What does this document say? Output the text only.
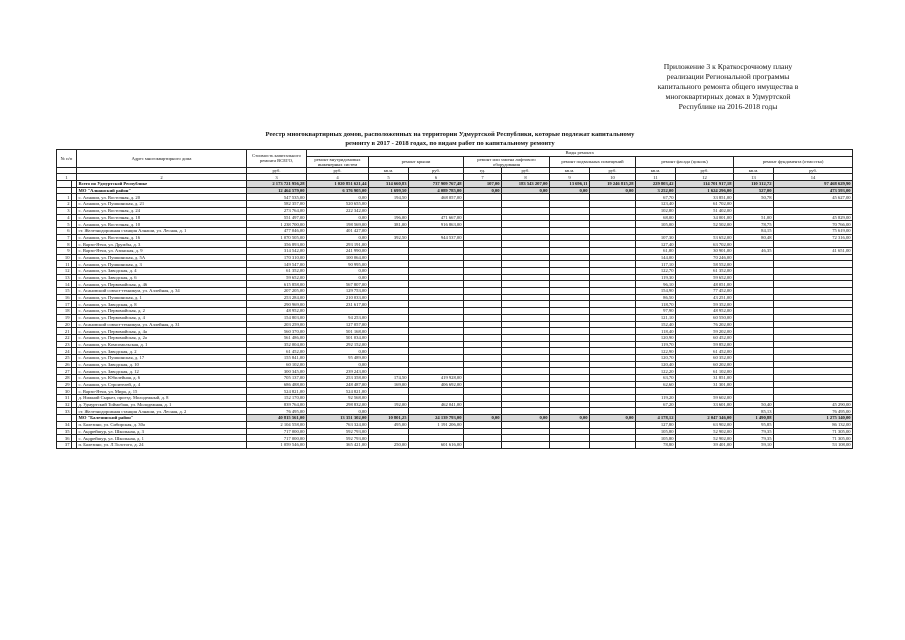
Приложение 3 к Краткосрочному плану
реализации Региональной программы
капитального ремонта общего имущества в
многоквартирных домах в Удмуртской
Республике на 2016-2018 годы
Реестр многоквартирных домов, расположенных на территории Удмуртской Республики, которые подлежат капитальному
ремонту в 2017 - 2018 годах, по видам работ по капитальному ремонту
№ п/п		Адрес многоквартирного дома	Стоимость капитального ремонта ВСЕГО,	Виды ремонта										
				ремонт внутридомовых инженерных систем	ремонт крыши		ремонт или замена лифтового оборудования		ремонт подвальных помещений		ремонт фасада (цоколь)		ремонт фундамента (отмостка)	
			руб.	руб.	кв.м.	руб.	ед.	руб.	кв.м.	руб.	кв.м.	руб.	кв.м.	руб.
1		2	3	4	5	6	7	8	9	10	11	12	13	14
		Всего по Удмуртской Республике	2 173 721 956,28	1 020 851 621,44	314 660,83	737 909 767,48	107,00	183 543 207,00	13 696,11	19 246 815,28	229 803,42	114 701 917,18	110 312,72	97 468 629,90
		МО "Алнашский район"	12 464 579,00	6 376 905,00	1 699,50	4 089 785,00	0,00	0,00	0,00	0,00	3 252,00	1 624 296,00	527,00	473 593,00
1		с. Алнаши, ул. Восточная, д. 20	547 535,00	0,00	194,50	468 057,00					67,70	33 851,00	50,78	45 627,00
2		с. Алнаши, ул. Пушкинская, д. 21	582 357,00	520 655,00							123,40	61 702,00		
3		с. Алнаши, ул. Восточная, д. 24	273 764,00	222 342,00							102,80	51 402,00		
4		с. Алнаши, ул. Восточная, д. 18	551 497,00	0,00	196,00	471 667,00					68,00	34 001,00	51,00	45 829,00
5		с. Алнаши, ул. Восточная, д. 10	1 238 700,00	198 569,00	381,00	916 863,00					105,00	52 502,00	78,75	70 766,00
6		ст. Железнодорожная станция Алнаши, ул. Лесная, д. 1	477 046,00	401 427,00									84,15	75 619,00
7		с. Алнаши, ул. Восточная, д. 16	1 070 505,00	0,00	392,50	944 537,00					107,30	53 652,00	80,48	72 316,00
8		с. Варзи-Ятчи, ул. Дружбы, д. 3	356 893,00	293 191,00							127,40	63 702,00		
9		с. Варзи-Ятчи, ул. Азинская, д. 9	314 542,00	241 990,00							61,80	30 901,00	46,35	41 651,00
10		с. Алнаши, ул. Пушкинская, д. 5А	170 310,00	100 064,00							144,00	70 246,00		
11		с. Алнаши, ул. Пушкинская, д. 3	149 547,00	90 995,00							117,10	58 552,00		
12		с. Алнаши, ул. Заводская, д. 4	61 352,00	0,00							122,70	61 352,00		
13		с. Алнаши, ул. Заводская, д. 6	59 652,00	0,00							119,30	59 652,00		
14		с. Алнаши, ул. Первомайская, д. 46	615 858,00	567 807,00							96,10	48 051,00		
15		с. Асановский совхоз-техникум, ул. Аллейная, д. 34	207 205,00	129 753,00							154,90	77 452,00		
16		с. Алнаши, ул. Пушкинская, д. 1	253 284,00	210 033,00							86,50	43 251,00		
17		с. Алнаши, ул. Заводская, д. 8	290 969,00	231 617,00							118,70	59 352,00		
18		с. Алнаши, ул. Первомайская, д. 2	48 952,00								97,90	48 952,00		
19		с. Алнаши, ул. Первомайская, д. 4	154 803,00	94 253,00							121,10	60 550,00		
20		с. Асановский совхоз-техникум, ул. Аллейная, д. 31	203 259,00	127 057,00							152,40	76 202,00		
21		с. Алнаши, ул. Первомайская, д. 4а	560 370,00	501 168,00							118,40	59 202,00		
22		с. Алнаши, ул. Первомайская, д. 2а	561 486,00	501 034,00							120,90	60 452,00		
23		с. Алнаши, ул. Комсомольская, д. 1	352 004,00	292 152,00							119,70	59 852,00		
24		с. Алнаши, ул. Заводская, д. 2	61 452,00	0,00							122,90	61 452,00		
25		с. Алнаши, ул. Пушкинская, д. 17	155 841,00	95 489,00							120,70	60 352,00		
26		с. Алнаши, ул. Заводская, д. 10	60 102,00	0,00							120,40	60 202,00		
27		с. Алнаши, ул. Заводская, д. 12	300 345,00	239 243,00							122,20	61 102,00		
28		с. Алнаши, ул. Юбилейная, д. 6	705 137,00	253 358,00	174,50	419 928,00					63,70	31 851,00		
29		с. Алнаши, ул. Строителей, д. 4	686 488,00	248 487,00	169,00	406 692,00					62,60	31 301,00		
30		с. Варзи-Ятчи, ул. Мира, д. 15	524 821,00	524 821,00										
31		д. Нижний Сырьез, проезд. Молодежный, д. 8	152 170,00	92 568,00							119,20	59 602,00		
32		д. Удмуртский Тоймобаш, ул. Молодежная, д. 1	839 764,00	298 832,00	192,00	462 041,00					67,20	33 601,00	50,40	45 290,00
33		ст. Железнодорожная станция Алнаши, ул. Лесная, д. 2	76 495,00	0,00									85,13	76 495,00
		МО "Балезинский район"	40 815 561,00	13 351 302,00	10 801,25	24 139 793,00	0,00	0,00	0,00	0,00	4 178,12	2 047 346,00	1 490,88	1 275 140,00
34		п. Балезино, ул. Сибирская, д. 30а	2 104 558,00	763 324,00	495,00	1 191 206,00					127,80	63 902,00	95,85	86 132,00
35		с. Андрейшур, ул. Школьная, д. 3	717 000,00	592 793,00							105,80	52 902,00	79,35	71 305,00
36		с. Андрейшур, ул. Школьная, д. 1	717 000,00	592 793,00							105,80	52 902,00	79,35	71 305,00
37		п. Балезино, ул. Л.Толстого, д. 24	1 059 546,00	365 421,00	250,00	601 616,00					78,80	39 401,00	59,10	53 108,00
